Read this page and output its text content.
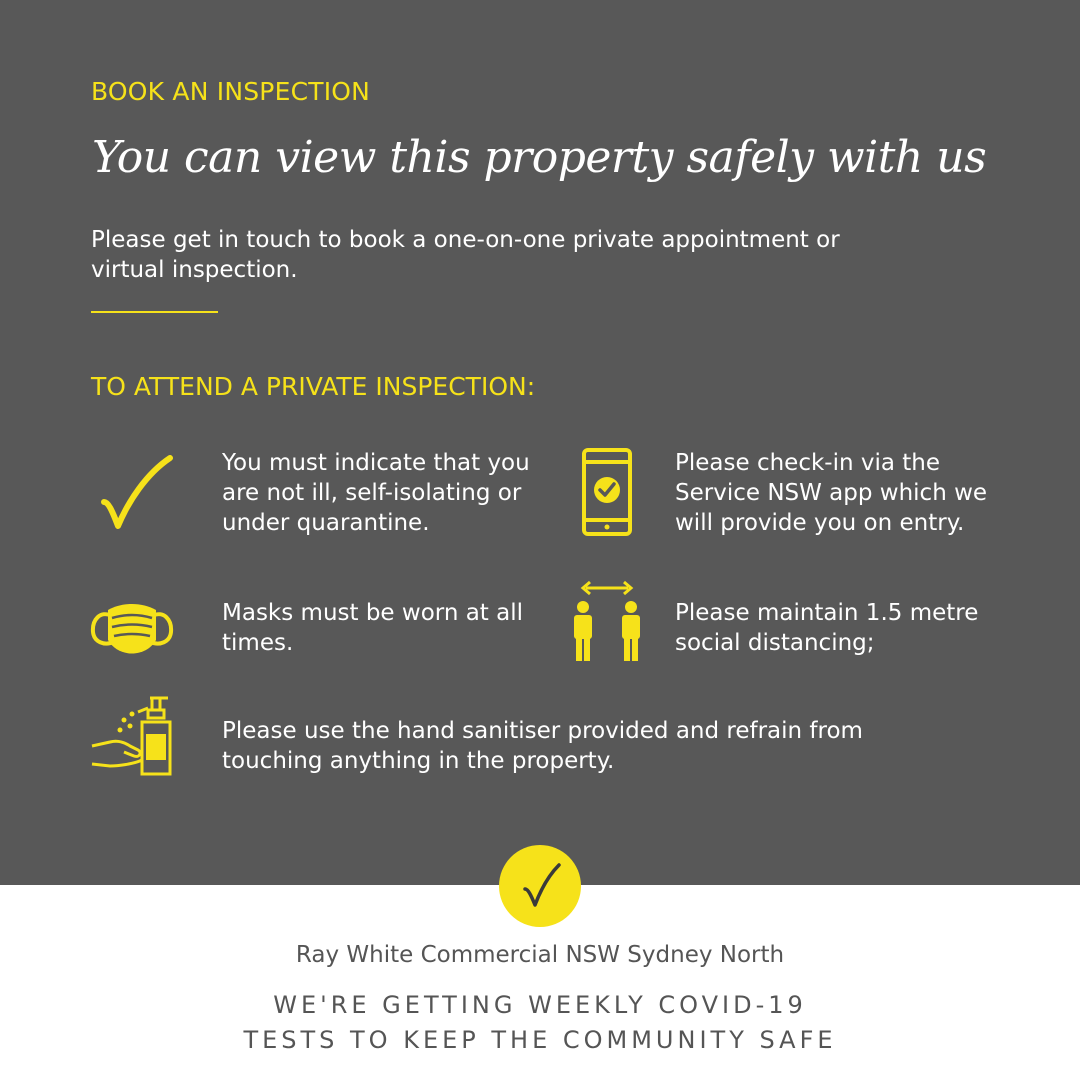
BOOK AN INSPECTION
You can view this property safely with us
Please get in touch to book a one-on-one private appointment or virtual inspection.
TO ATTEND A PRIVATE INSPECTION:
You must indicate that you are not ill, self-isolating or under quarantine.
Please check-in via the Service NSW app which we will provide you on entry.
Masks must be worn at all times.
Please maintain 1.5 metre social distancing;
Please use the hand sanitiser provided and refrain from touching anything in the property.
Ray White Commercial NSW Sydney North
WE'RE GETTING WEEKLY COVID-19
TESTS TO KEEP THE COMMUNITY SAFE
